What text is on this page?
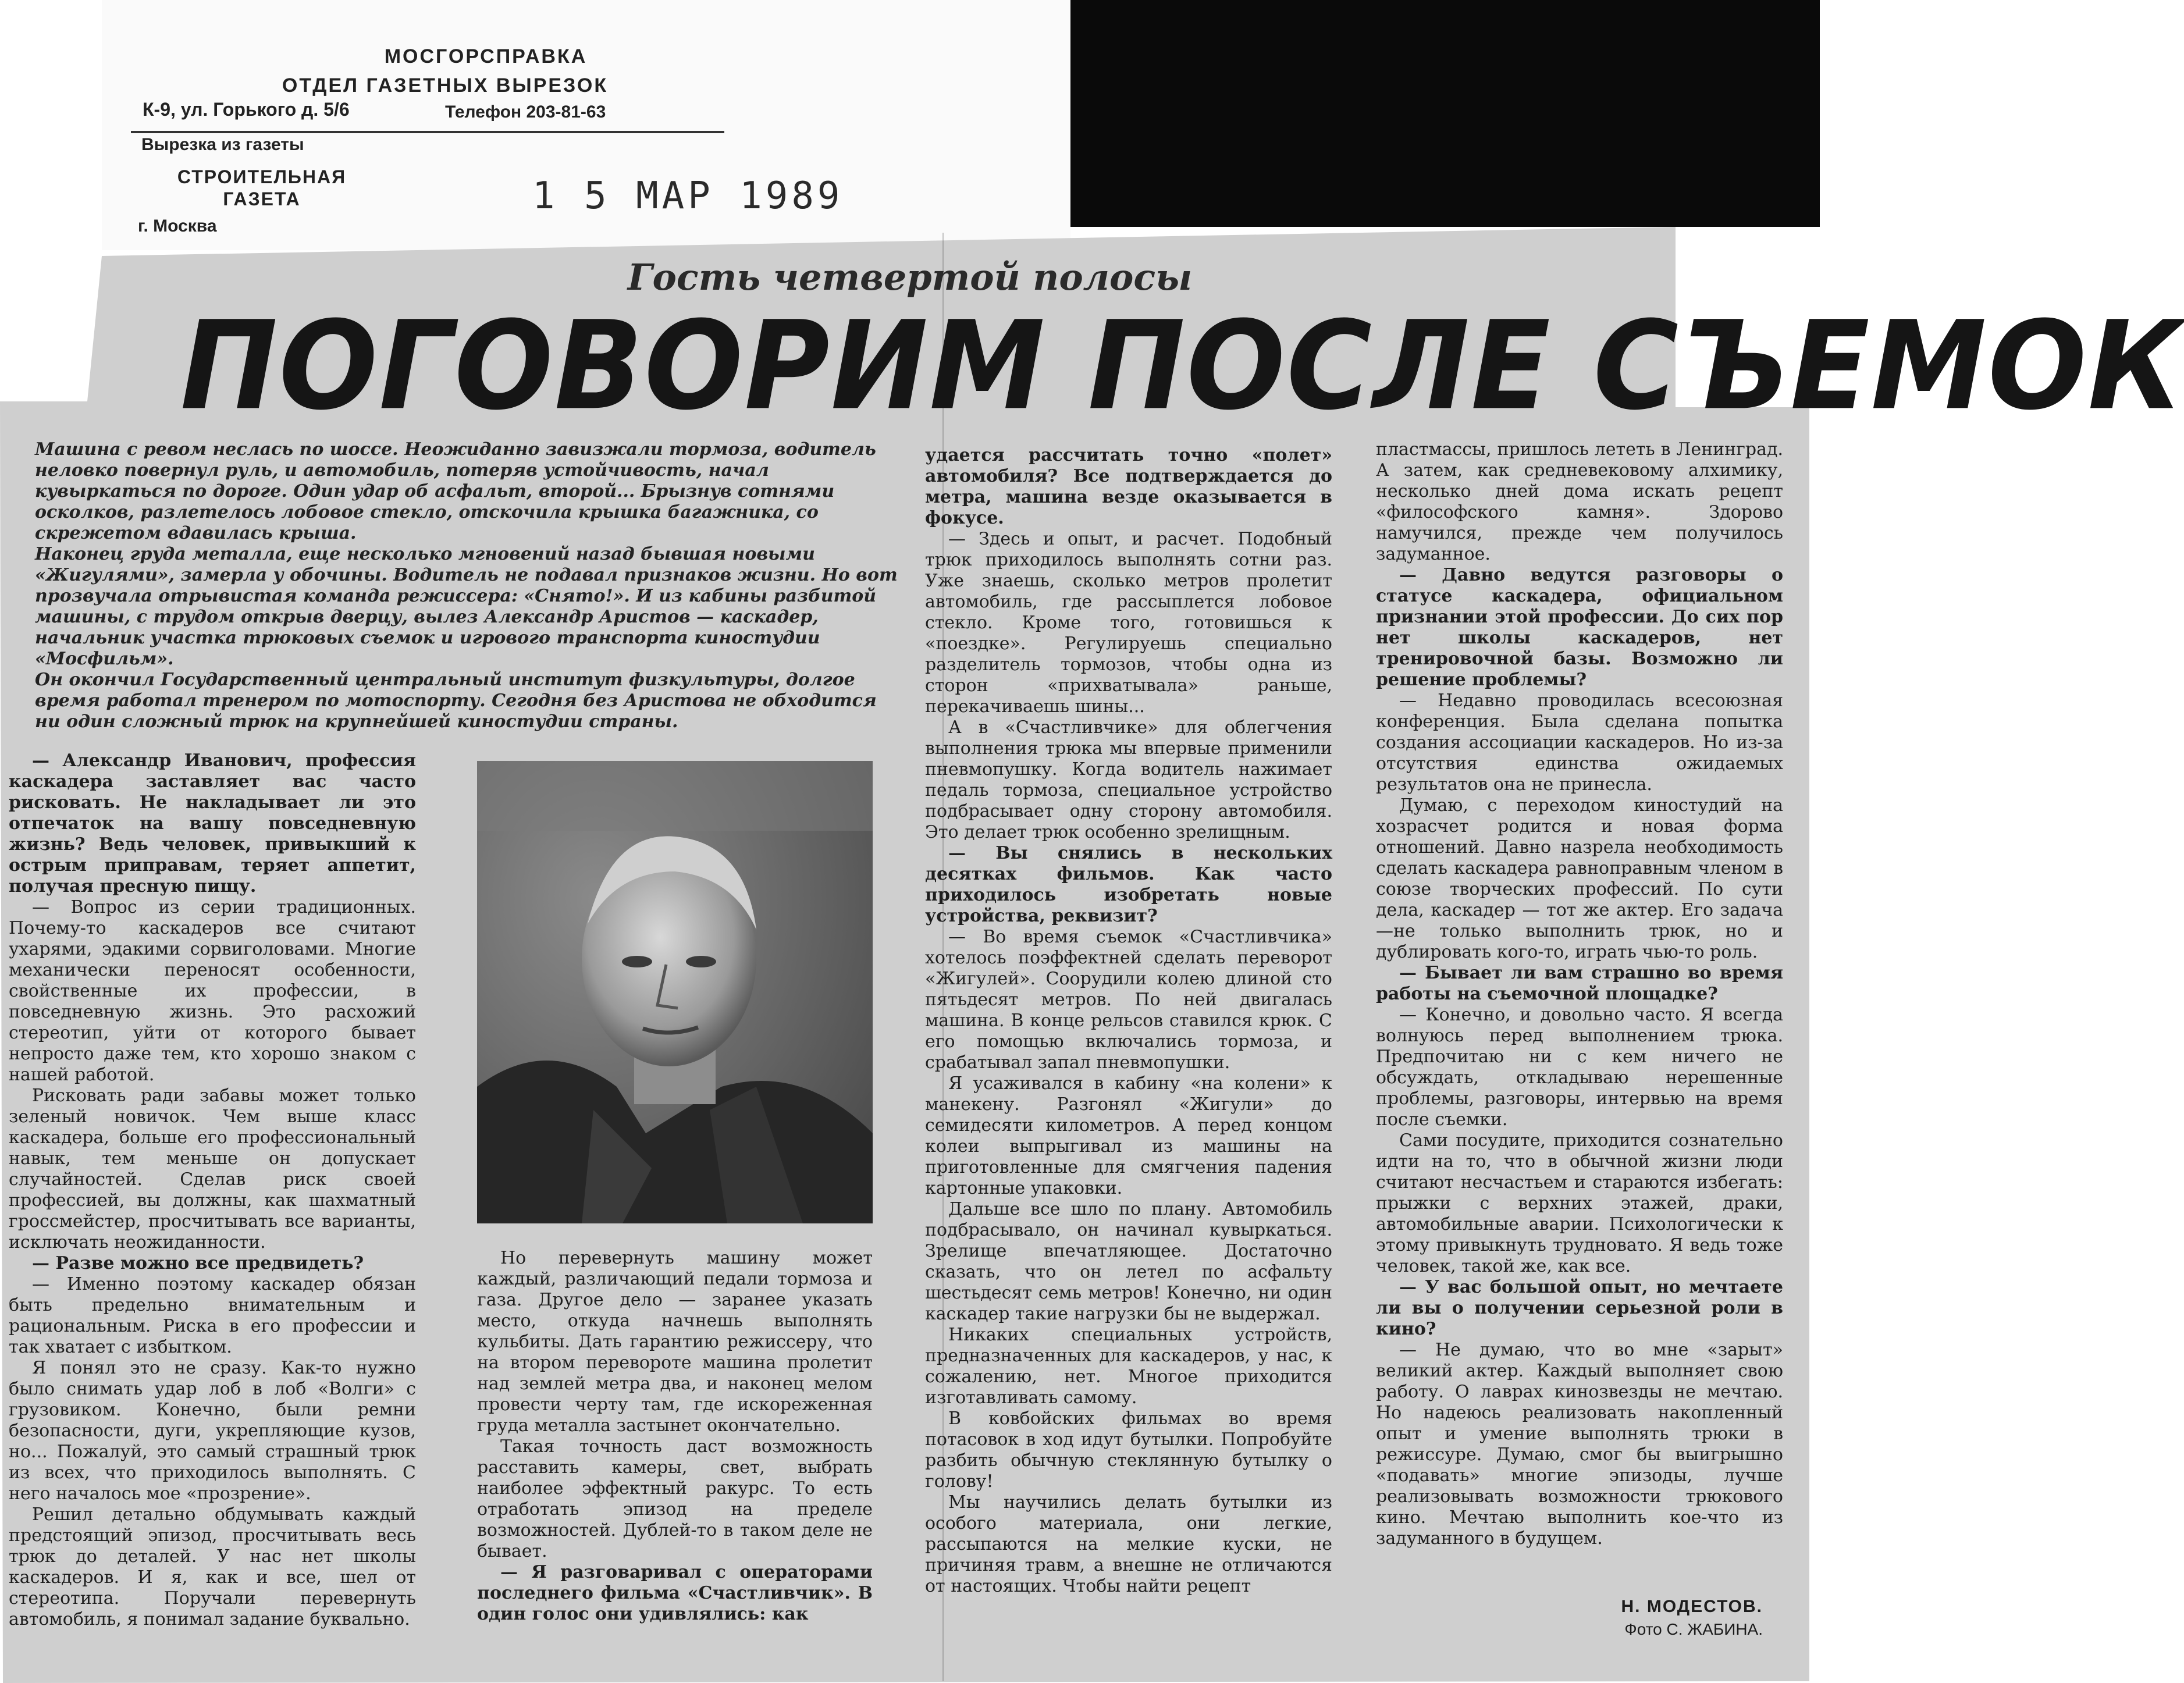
МОСГОРСПРАВКА
ОТДЕЛ ГАЗЕТНЫХ ВЫРЕЗОК
К-9, ул. Горького д. 5/6	Телефон 203-81-63
Вырезка из газеты
СТРОИТЕЛЬНАЯ ГАЗЕТА
г. Москва
1 5 МАР 1989
Гость четвертой полосы
ПОГОВОРИМ ПОСЛЕ СЪЕМОК

Машина с ревом неслась по шоссе. Неожиданно завизжали тормоза, водитель неловко повернул руль, и автомобиль, потеряв устойчивость, начал кувыркаться по дороге. Один удар об асфальт, второй... Брызнув сотнями осколков, разлетелось лобовое стекло, отскочила крышка багажника, со скрежетом вдавилась крыша.

Наконец груда металла, еще несколько мгновений назад бывшая новыми «Жигулями», замерла у обочины. Водитель не подавал признаков жизни. Но вот прозвучала отрывистая команда режиссера: «Снято!». И из кабины разбитой машины, с трудом открыв дверцу, вылез Александр Аристов — каскадер, начальник участка трюковых съемок и игрового транспорта киностудии «Мосфильм».

Он окончил Государственный центральный институт физкультуры, долгое время работал тренером по мотоспорту. Сегодня без Аристова не обходится ни один сложный трюк на крупнейшей киностудии страны.

— Александр Иванович, профессия каскадера заставляет вас часто рисковать. Не накладывает ли это отпечаток на вашу повседневную жизнь? Ведь человек, привыкший к острым приправам, теряет аппетит, получая пресную пищу.

— Вопрос из серии традиционных. Почему-то каскадеров все считают ухарями, эдакими сорвиголовами. Многие механически переносят особенности, свойственные их профессии, в повседневную жизнь. Это расхожий стереотип, уйти от которого бывает непросто даже тем, кто хорошо знаком с нашей работой.

Рисковать ради забавы может только зеленый новичок. Чем выше класс каскадера, больше его профессиональный навык, тем меньше он допускает случайностей. Сделав риск своей профессией, вы должны, как шахматный гроссмейстер, просчитывать все варианты, исключать неожиданности.

— Разве можно все предвидеть?

— Именно поэтому каскадер обязан быть предельно внимательным и рациональным. Риска в его профессии и так хватает с избытком.

Я понял это не сразу. Как-то нужно было снимать удар лоб в лоб «Волги» с грузовиком. Конечно, были ремни безопасности, дуги, укрепляющие кузов, но... Пожалуй, это самый страшный трюк из всех, что приходилось выполнять. С него началось мое «прозрение».

Решил детально обдумывать каждый предстоящий эпизод, просчитывать весь трюк до деталей. У нас нет школы каскадеров. И я, как и все, шел от стереотипа. Поручали перевернуть автомобиль, я понимал задание буквально.

Но перевернуть машину может каждый, различающий педали тормоза и газа. Другое дело — заранее указать место, откуда начнешь выполнять кульбиты. Дать гарантию режиссеру, что на втором перевороте машина пролетит над землей метра два, и наконец мелом провести черту там, где искореженная груда металла застынет окончательно.

Такая точность даст возможность расставить камеры, свет, выбрать наиболее эффектный ракурс. То есть отработать эпизод на пределе возможностей. Дублей-то в таком деле не бывает.

— Я разговаривал с операторами последнего фильма «Счастливчик». В один голос они удивлялись: как

удается рассчитать точно «полет» автомобиля? Все подтверждается до метра, машина везде оказывается в фокусе.

— Здесь и опыт, и расчет. Подобный трюк приходилось выполнять сотни раз. Уже знаешь, сколько метров пролетит автомобиль, где рассыплется лобовое стекло. Кроме того, готовишься к «поездке». Регулируешь специально разделитель тормозов, чтобы одна из сторон «прихватывала» раньше, перекачиваешь шины...

А в «Счастливчике» для облегчения выполнения трюка мы впервые применили пневмопушку. Когда водитель нажимает педаль тормоза, специальное устройство подбрасывает одну сторону автомобиля. Это делает трюк особенно зрелищным.

— Вы снялись в нескольких десятках фильмов. Как часто приходилось изобретать новые устройства, реквизит?

— Во время съемок «Счастливчика» хотелось поэффектней сделать переворот «Жигулей». Соорудили колею длиной сто пятьдесят метров. По ней двигалась машина. В конце рельсов ставился крюк. С его помощью включались тормоза, и срабатывал запал пневмопушки.

Я усаживался в кабину «на колени» к манекену. Разгонял «Жигули» до семидесяти километров. А перед концом колеи выпрыгивал из машины на приготовленные для смягчения падения картонные упаковки.

Дальше все шло по плану. Автомобиль подбрасывало, он начинал кувыркаться. Зрелище впечатляющее. Достаточно сказать, что он летел по асфальту шестьдесят семь метров! Конечно, ни один каскадер такие нагрузки бы не выдержал.

Никаких специальных устройств, предназначенных для каскадеров, у нас, к сожалению, нет. Многое приходится изготавливать самому.

В ковбойских фильмах во время потасовок в ход идут бутылки. Попробуйте разбить обычную стеклянную бутылку о голову!

Мы научились делать бутылки из особого материала, они легкие, рассыпаются на мелкие куски, не причиняя травм, а внешне не отличаются от настоящих. Чтобы найти рецепт

пластмассы, пришлось лететь в Ленинград. А затем, как средневековому алхимику, несколько дней дома искать рецепт «философского камня». Здорово намучился, прежде чем получилось задуманное.

— Давно ведутся разговоры о статусе каскадера, официальном признании этой профессии. До сих пор нет школы каскадеров, нет тренировочной базы. Возможно ли решение проблемы?

— Недавно проводилась всесоюзная конференция. Была сделана попытка создания ассоциации каскадеров. Но из-за отсутствия единства ожидаемых результатов она не принесла.

Думаю, с переходом киностудий на хозрасчет родится и новая форма отношений. Давно назрела необходимость сделать каскадера равноправным членом в союзе творческих профессий. По сути дела, каскадер — тот же актер. Его задача—не только выполнить трюк, но и дублировать кого-то, играть чью-то роль.

— Бывает ли вам страшно во время работы на съемочной площадке?

— Конечно, и довольно часто. Я всегда волнуюсь перед выполнением трюка. Предпочитаю ни с кем ничего не обсуждать, откладываю нерешенные проблемы, разговоры, интервью на время после съемки.

Сами посудите, приходится сознательно идти на то, что в обычной жизни люди считают несчастьем и стараются избегать: прыжки с верхних этажей, драки, автомобильные аварии. Психологически к этому привыкнуть трудновато. Я ведь тоже человек, такой же, как все.

— У вас большой опыт, но мечтаете ли вы о получении серьезной роли в кино?

— Не думаю, что во мне «зарыт» великий актер. Каждый выполняет свою работу. О лаврах кинозвезды не мечтаю. Но надеюсь реализовать накопленный опыт и умение выполнять трюки в режиссуре. Думаю, смог бы выигрышно «подавать» многие эпизоды, лучше реализовывать возможности трюкового кино. Мечтаю выполнить кое-что из задуманного в будущем.

Н. МОДЕСТОВ.
Фото С. ЖАБИНА.
